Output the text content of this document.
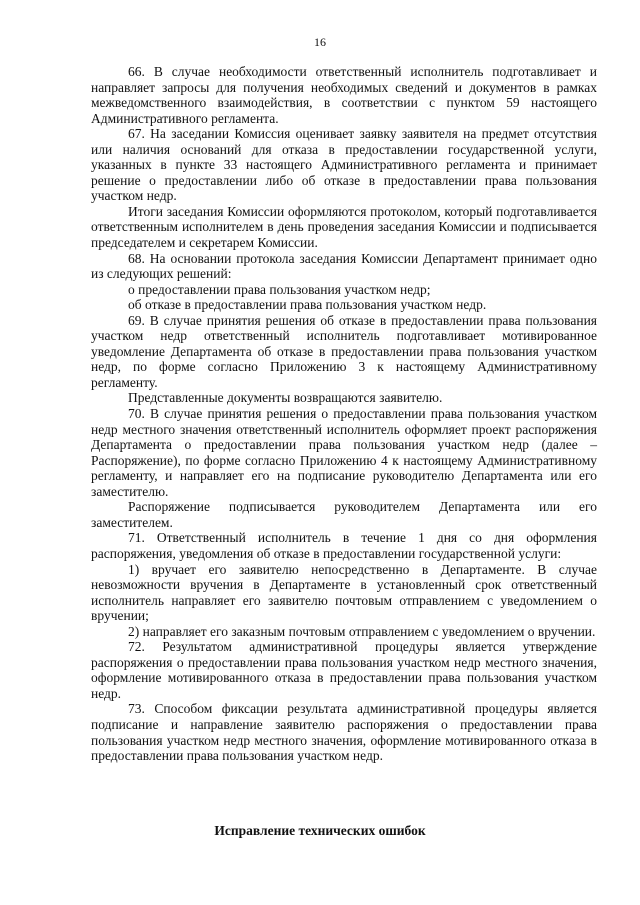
16

66. В случае необходимости ответственный исполнитель подготавливает и направляет запросы для получения необходимых сведений и документов в рамках межведомственного взаимодействия, в соответствии с пунктом 59 настоящего Административного регламента.

67. На заседании Комиссия оценивает заявку заявителя на предмет отсутствия или наличия оснований для отказа в предоставлении государственной услуги, указанных в пункте 33 настоящего Административного регламента и принимает решение о предоставлении либо об отказе в предоставлении права пользования участком недр.

Итоги заседания Комиссии оформляются протоколом, который подготавливается ответственным исполнителем в день проведения заседания Комиссии и подписывается председателем и секретарем Комиссии.

68. На основании протокола заседания Комиссии Департамент принимает одно из следующих решений:

о предоставлении права пользования участком недр;

об отказе в предоставлении права пользования участком недр.

69. В случае принятия решения об отказе в предоставлении права пользования участком недр ответственный исполнитель подготавливает мотивированное уведомление Департамента об отказе в предоставлении права пользования участком недр, по форме согласно Приложению 3 к настоящему Административному регламенту.

Представленные документы возвращаются заявителю.

70. В случае принятия решения о предоставлении права пользования участком недр местного значения ответственный исполнитель оформляет проект распоряжения Департамента о предоставлении права пользования участком недр (далее – Распоряжение), по форме согласно Приложению 4 к настоящему Административному регламенту, и направляет его на подписание руководителю Департамента или его заместителю.

Распоряжение подписывается руководителем Департамента или его заместителем.

71. Ответственный исполнитель в течение 1 дня со дня оформления распоряжения, уведомления об отказе в предоставлении государственной услуги:

1) вручает его заявителю непосредственно в Департаменте. В случае невозможности вручения в Департаменте в установленный срок ответственный исполнитель направляет его заявителю почтовым отправлением с уведомлением о вручении;

2) направляет его заказным почтовым отправлением с уведомлением о вручении.

72. Результатом административной процедуры является утверждение распоряжения о предоставлении права пользования участком недр местного значения, оформление мотивированного отказа в предоставлении права пользования участком недр.

73. Способом фиксации результата административной процедуры является подписание и направление заявителю распоряжения о предоставлении права пользования участком недр местного значения, оформление мотивированного отказа в предоставлении права пользования участком недр.

Исправление технических ошибок
